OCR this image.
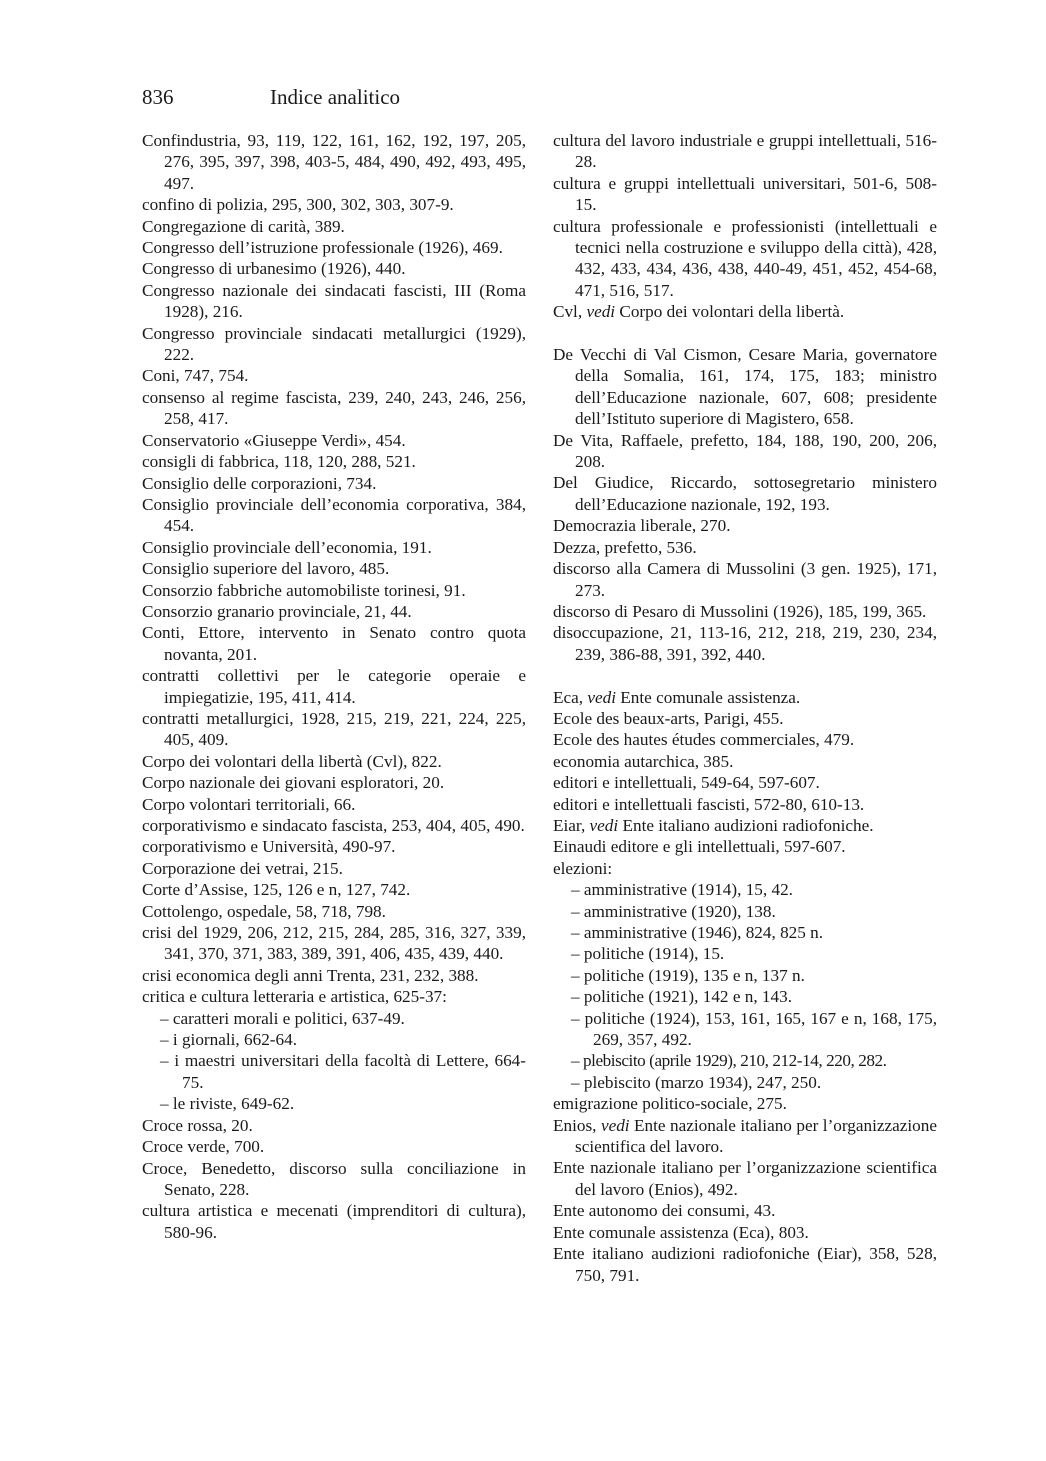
836	Indice analitico
Confindustria, 93, 119, 122, 161, 162, 192, 197, 205, 276, 395, 397, 398, 403-5, 484, 490, 492, 493, 495, 497.
confino di polizia, 295, 300, 302, 303, 307-9.
Congregazione di carità, 389.
Congresso dell’istruzione professionale (1926), 469.
Congresso di urbanesimo (1926), 440.
Congresso nazionale dei sindacati fascisti, III (Roma 1928), 216.
Congresso provinciale sindacati metallurgici (1929), 222.
Coni, 747, 754.
consenso al regime fascista, 239, 240, 243, 246, 256, 258, 417.
Conservatorio «Giuseppe Verdi», 454.
consigli di fabbrica, 118, 120, 288, 521.
Consiglio delle corporazioni, 734.
Consiglio provinciale dell’economia corporativa, 384, 454.
Consiglio provinciale dell’economia, 191.
Consiglio superiore del lavoro, 485.
Consorzio fabbriche automobiliste torinesi, 91.
Consorzio granario provinciale, 21, 44.
Conti, Ettore, intervento in Senato contro quota novanta, 201.
contratti collettivi per le categorie operaie e impiegatizie, 195, 411, 414.
contratti metallurgici, 1928, 215, 219, 221, 224, 225, 405, 409.
Corpo dei volontari della libertà (Cvl), 822.
Corpo nazionale dei giovani esploratori, 20.
Corpo volontari territoriali, 66.
corporativismo e sindacato fascista, 253, 404, 405, 490.
corporativismo e Università, 490-97.
Corporazione dei vetrai, 215.
Corte d’Assise, 125, 126 e n, 127, 742.
Cottolengo, ospedale, 58, 718, 798.
crisi del 1929, 206, 212, 215, 284, 285, 316, 327, 339, 341, 370, 371, 383, 389, 391, 406, 435, 439, 440.
crisi economica degli anni Trenta, 231, 232, 388.
critica e cultura letteraria e artistica, 625-37:
– caratteri morali e politici, 637-49.
– i giornali, 662-64.
– i maestri universitari della facoltà di Lettere, 664-75.
– le riviste, 649-62.
Croce rossa, 20.
Croce verde, 700.
Croce, Benedetto, discorso sulla conciliazione in Senato, 228.
cultura artistica e mecenati (imprenditori di cultura), 580-96.
cultura del lavoro industriale e gruppi intellettuali, 516-28.
cultura e gruppi intellettuali universitari, 501-6, 508-15.
cultura professionale e professionisti (intellettuali e tecnici nella costruzione e sviluppo della città), 428, 432, 433, 434, 436, 438, 440-49, 451, 452, 454-68, 471, 516, 517.
Cvl, vedi Corpo dei volontari della libertà.
De Vecchi di Val Cismon, Cesare Maria, governatore della Somalia, 161, 174, 175, 183; ministro dell’Educazione nazionale, 607, 608; presidente dell’Istituto superiore di Magistero, 658.
De Vita, Raffaele, prefetto, 184, 188, 190, 200, 206, 208.
Del Giudice, Riccardo, sottosegretario ministero dell’Educazione nazionale, 192, 193.
Democrazia liberale, 270.
Dezza, prefetto, 536.
discorso alla Camera di Mussolini (3 gen. 1925), 171, 273.
discorso di Pesaro di Mussolini (1926), 185, 199, 365.
disoccupazione, 21, 113-16, 212, 218, 219, 230, 234, 239, 386-88, 391, 392, 440.
Eca, vedi Ente comunale assistenza.
Ecole des beaux-arts, Parigi, 455.
Ecole des hautes études commerciales, 479.
economia autarchica, 385.
editori e intellettuali, 549-64, 597-607.
editori e intellettuali fascisti, 572-80, 610-13.
Eiar, vedi Ente italiano audizioni radiofoniche.
Einaudi editore e gli intellettuali, 597-607.
elezioni:
– amministrative (1914), 15, 42.
– amministrative (1920), 138.
– amministrative (1946), 824, 825 n.
– politiche (1914), 15.
– politiche (1919), 135 e n, 137 n.
– politiche (1921), 142 e n, 143.
– politiche (1924), 153, 161, 165, 167 e n, 168, 175, 269, 357, 492.
– plebiscito (aprile 1929), 210, 212-14, 220, 282.
– plebiscito (marzo 1934), 247, 250.
emigrazione politico-sociale, 275.
Enios, vedi Ente nazionale italiano per l’organizzazione scientifica del lavoro.
Ente nazionale italiano per l’organizzazione scientifica del lavoro (Enios), 492.
Ente autonomo dei consumi, 43.
Ente comunale assistenza (Eca), 803.
Ente italiano audizioni radiofoniche (Eiar), 358, 528, 750, 791.
